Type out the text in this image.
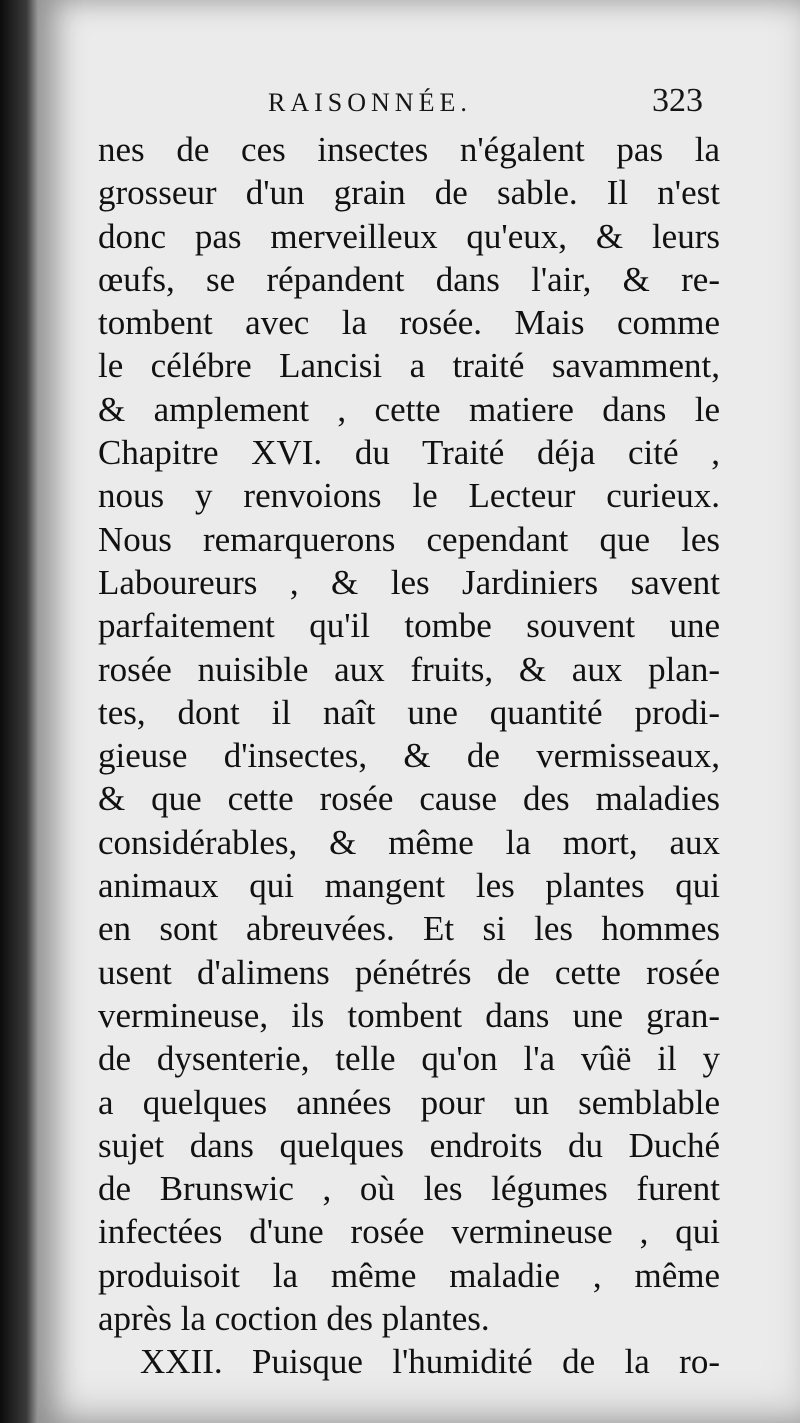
RAISONNÉE.	323
nes de ces insectes n'égalent pas la
grosseur d'un grain de sable. Il n'est
donc pas merveilleux qu'eux, & leurs
œufs, se répandent dans l'air, & re-
tombent avec la rosée. Mais comme
le célébre Lancisi a traité savamment,
& amplement , cette matiere dans le
Chapitre XVI. du Traité déja cité ,
nous y renvoions le Lecteur curieux.
Nous remarquerons cependant que les
Laboureurs , & les Jardiniers savent
parfaitement qu'il tombe souvent une
rosée nuisible aux fruits, & aux plan-
tes, dont il naît une quantité prodi-
gieuse d'insectes, & de vermisseaux,
& que cette rosée cause des maladies
considérables, & même la mort, aux
animaux qui mangent les plantes qui
en sont abreuvées. Et si les hommes
usent d'alimens pénétrés de cette rosée
vermineuse, ils tombent dans une gran-
de dysenterie, telle qu'on l'a vûë il y
a quelques années pour un semblable
sujet dans quelques endroits du Duché
de Brunswic , où les légumes furent
infectées d'une rosée vermineuse , qui
produisoit la même maladie , même
après la coction des plantes.
XXII. Puisque l'humidité de la ro-
